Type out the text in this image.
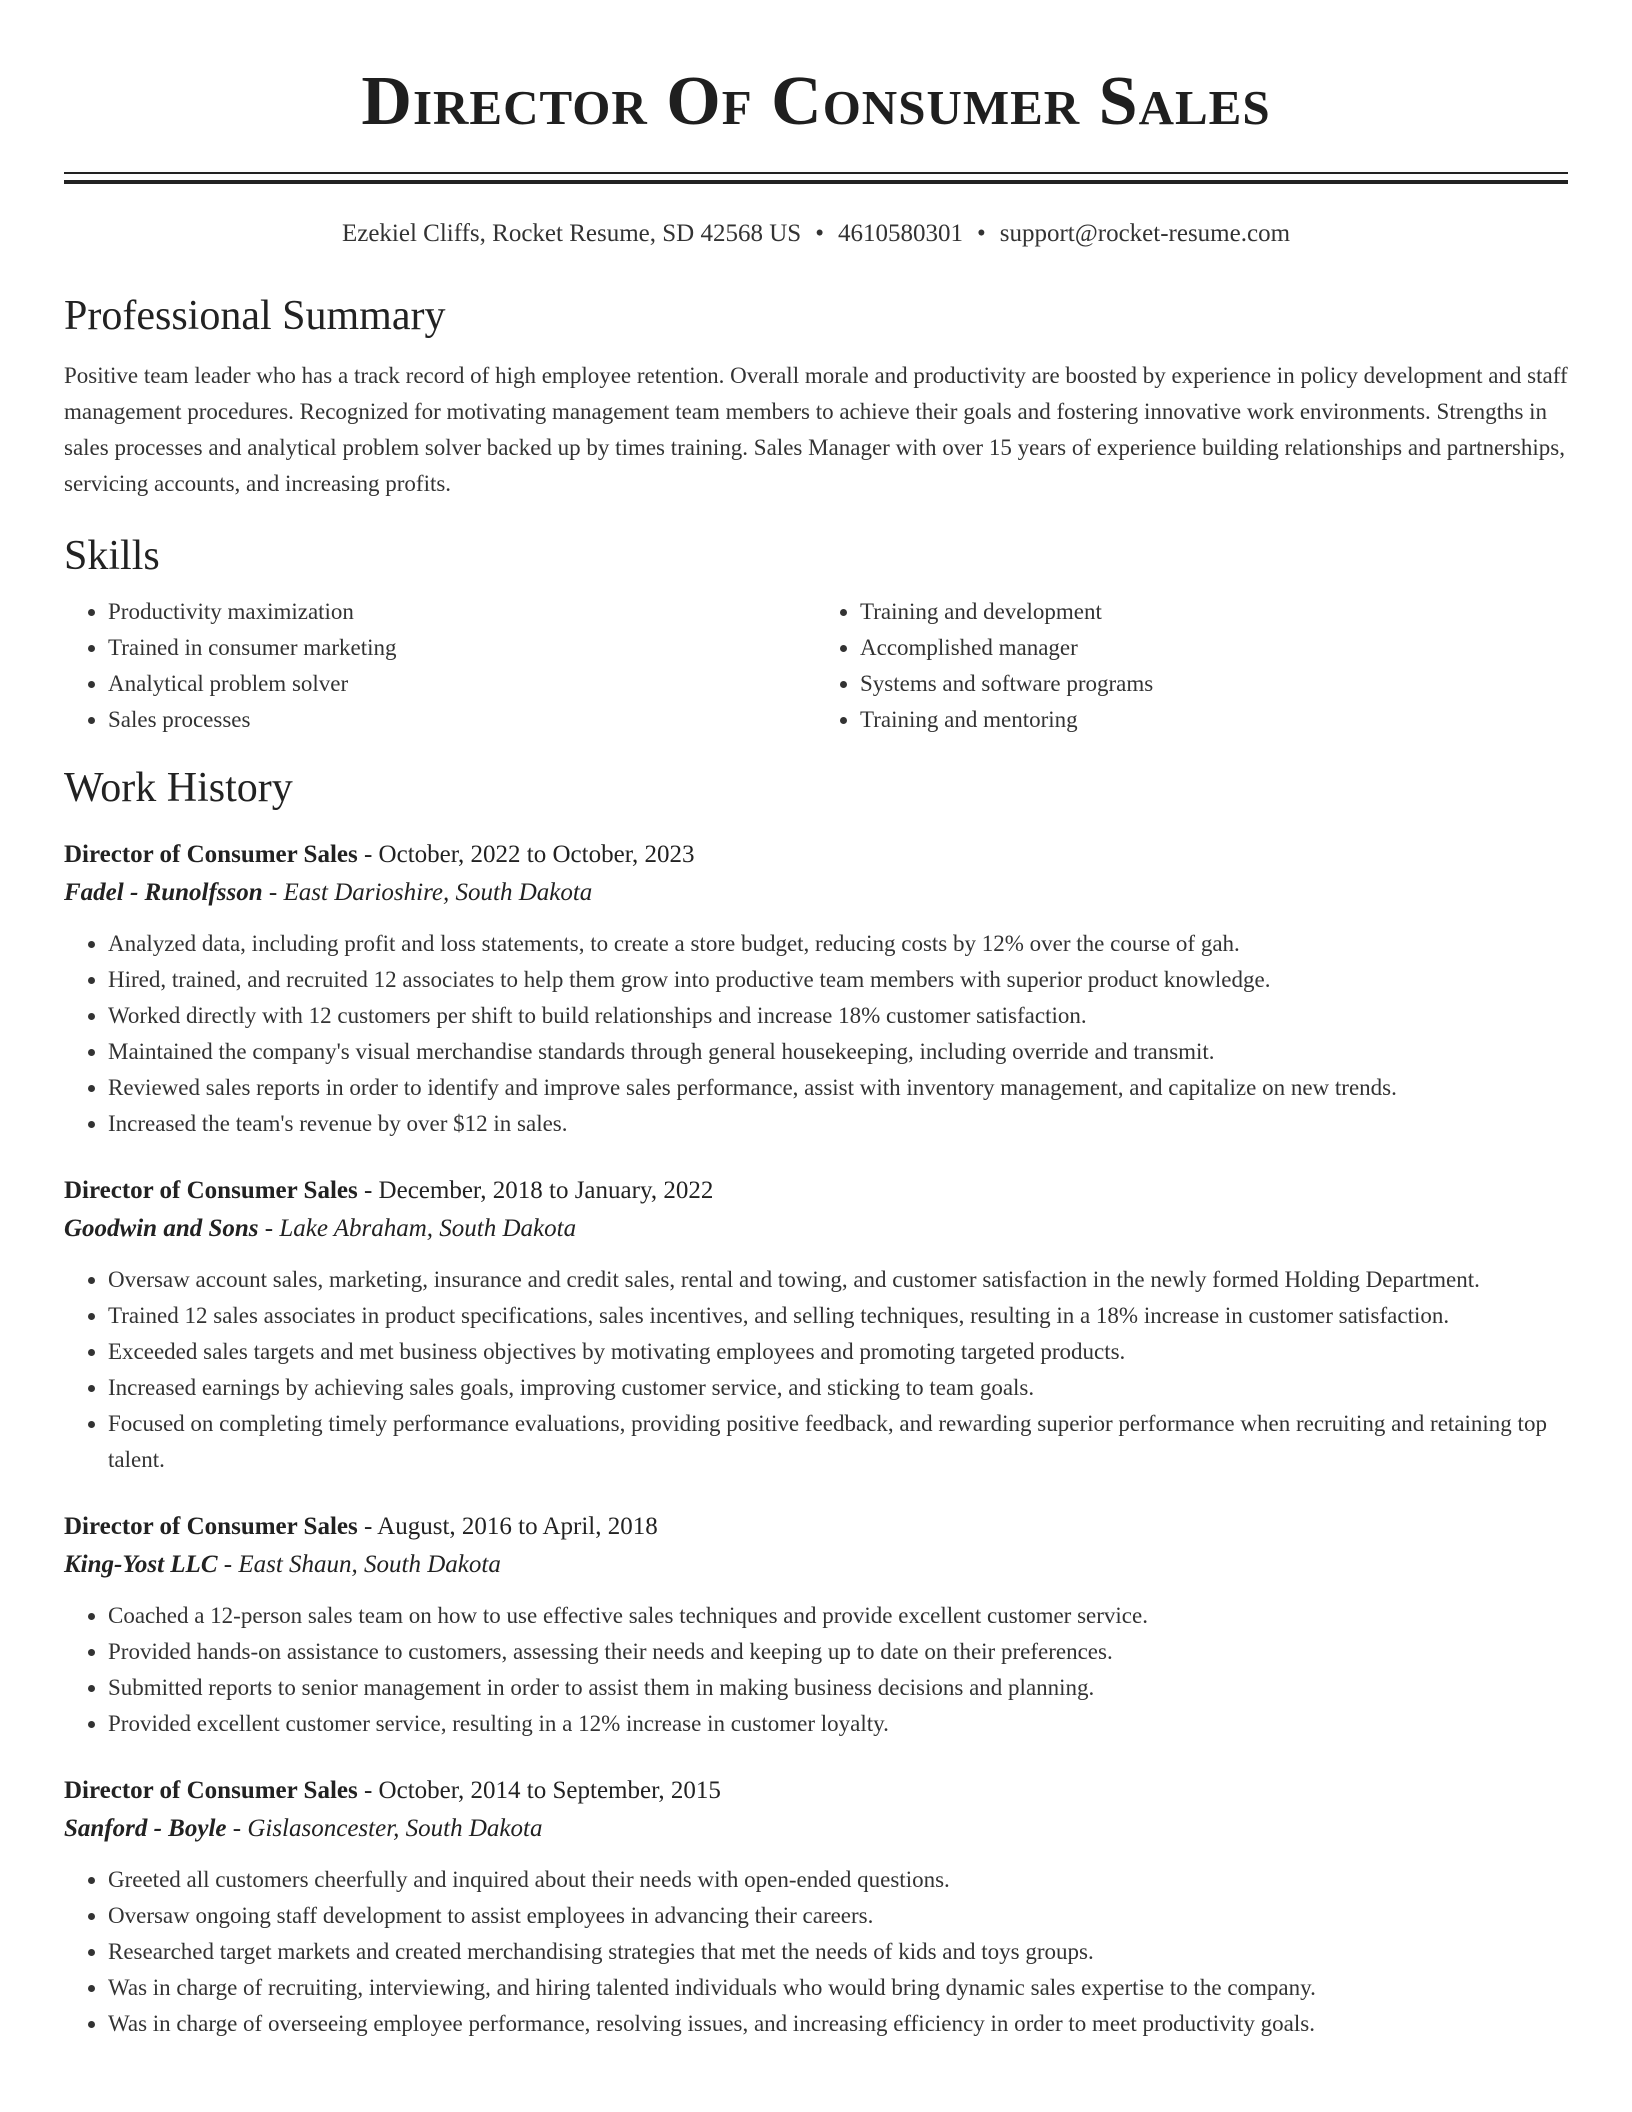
Director Of Consumer Sales
Ezekiel Cliffs, Rocket Resume, SD 42568 US • 4610580301 • support@rocket-resume.com
Professional Summary

Positive team leader who has a track record of high employee retention. Overall morale and productivity are boosted by experience in policy development and staff management procedures. Recognized for motivating management team members to achieve their goals and fostering innovative work environments. Strengths in sales processes and analytical problem solver backed up by times training. Sales Manager with over 15 years of experience building relationships and partnerships, servicing accounts, and increasing profits.

Skills
• Productivity maximization
• Trained in consumer marketing
• Analytical problem solver
• Sales processes
• Training and development
• Accomplished manager
• Systems and software programs
• Training and mentoring
Work History
Director of Consumer Sales - October, 2022 to October, 2023
Fadel - Runolfsson - East Darioshire, South Dakota
• Analyzed data, including profit and loss statements, to create a store budget, reducing costs by 12% over the course of gah.
• Hired, trained, and recruited 12 associates to help them grow into productive team members with superior product knowledge.
• Worked directly with 12 customers per shift to build relationships and increase 18% customer satisfaction.
• Maintained the company's visual merchandise standards through general housekeeping, including override and transmit.
• Reviewed sales reports in order to identify and improve sales performance, assist with inventory management, and capitalize on new trends.
• Increased the team's revenue by over $12 in sales.
Director of Consumer Sales - December, 2018 to January, 2022
Goodwin and Sons - Lake Abraham, South Dakota
• Oversaw account sales, marketing, insurance and credit sales, rental and towing, and customer satisfaction in the newly formed Holding Department.
• Trained 12 sales associates in product specifications, sales incentives, and selling techniques, resulting in a 18% increase in customer satisfaction.
• Exceeded sales targets and met business objectives by motivating employees and promoting targeted products.
• Increased earnings by achieving sales goals, improving customer service, and sticking to team goals.
• Focused on completing timely performance evaluations, providing positive feedback, and rewarding superior performance when recruiting and retaining top talent.
Director of Consumer Sales - August, 2016 to April, 2018
King-Yost LLC - East Shaun, South Dakota
• Coached a 12-person sales team on how to use effective sales techniques and provide excellent customer service.
• Provided hands-on assistance to customers, assessing their needs and keeping up to date on their preferences.
• Submitted reports to senior management in order to assist them in making business decisions and planning.
• Provided excellent customer service, resulting in a 12% increase in customer loyalty.
Director of Consumer Sales - October, 2014 to September, 2015
Sanford - Boyle - Gislasoncester, South Dakota
• Greeted all customers cheerfully and inquired about their needs with open-ended questions.
• Oversaw ongoing staff development to assist employees in advancing their careers.
• Researched target markets and created merchandising strategies that met the needs of kids and toys groups.
• Was in charge of recruiting, interviewing, and hiring talented individuals who would bring dynamic sales expertise to the company.
• Was in charge of overseeing employee performance, resolving issues, and increasing efficiency in order to meet productivity goals.
